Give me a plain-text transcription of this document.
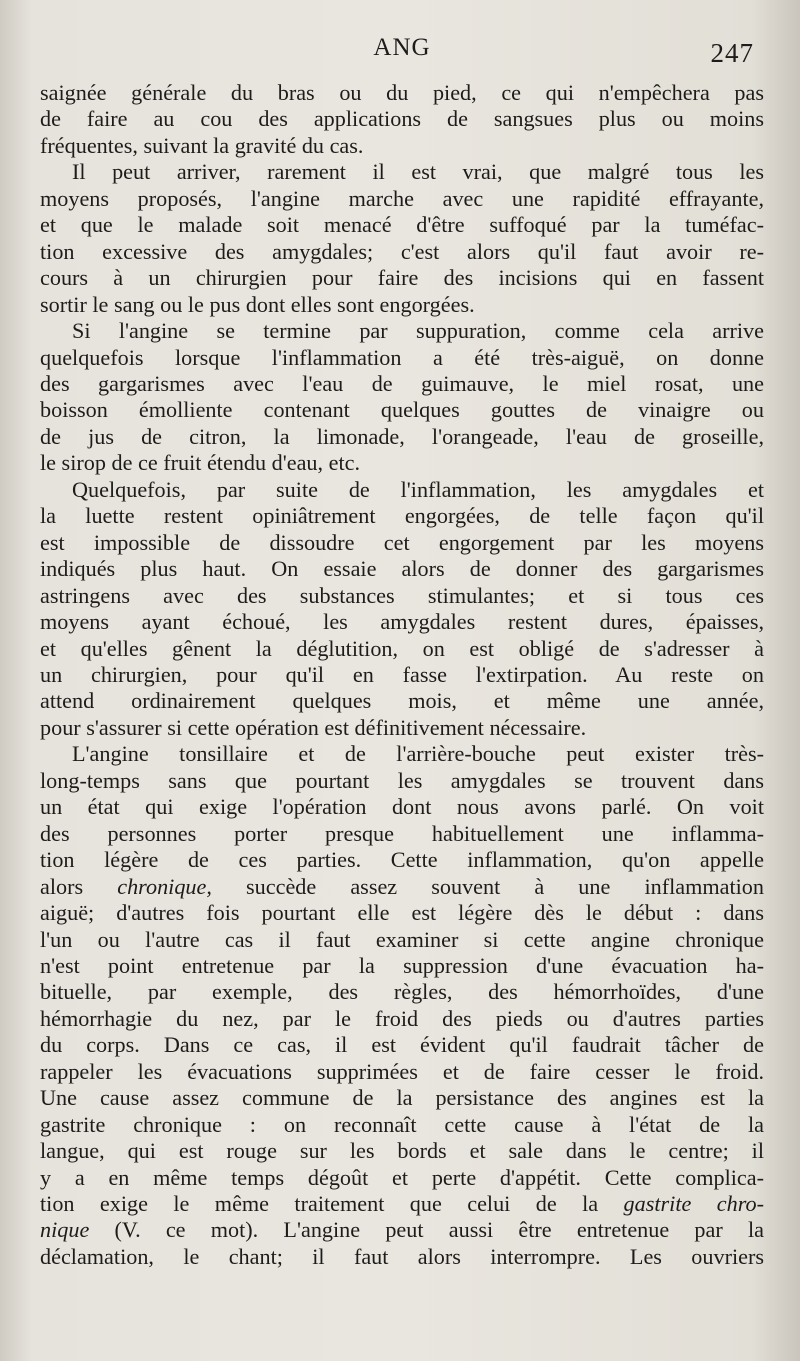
ANG	247

saignée générale du bras ou du pied, ce qui n'empêchera pas
de faire au cou des applications de sangsues plus ou moins
fréquentes, suivant la gravité du cas.

Il peut arriver, rarement il est vrai, que malgré tous les
moyens proposés, l'angine marche avec une rapidité effrayante,
et que le malade soit menacé d'être suffoqué par la tuméfac-
tion excessive des amygdales; c'est alors qu'il faut avoir re-
cours à un chirurgien pour faire des incisions qui en fassent
sortir le sang ou le pus dont elles sont engorgées.

Si l'angine se termine par suppuration, comme cela arrive
quelquefois lorsque l'inflammation a été très-aiguë, on donne
des gargarismes avec l'eau de guimauve, le miel rosat, une
boisson émolliente contenant quelques gouttes de vinaigre ou
de jus de citron, la limonade, l'orangeade, l'eau de groseille,
le sirop de ce fruit étendu d'eau, etc.

Quelquefois, par suite de l'inflammation, les amygdales et
la luette restent opiniâtrement engorgées, de telle façon qu'il
est impossible de dissoudre cet engorgement par les moyens
indiqués plus haut. On essaie alors de donner des gargarismes
astringens avec des substances stimulantes; et si tous ces
moyens ayant échoué, les amygdales restent dures, épaisses,
et qu'elles gênent la déglutition, on est obligé de s'adresser à
un chirurgien, pour qu'il en fasse l'extirpation. Au reste on
attend ordinairement quelques mois, et même une année,
pour s'assurer si cette opération est définitivement nécessaire.

L'angine tonsillaire et de l'arrière-bouche peut exister très-
long-temps sans que pourtant les amygdales se trouvent dans
un état qui exige l'opération dont nous avons parlé. On voit
des personnes porter presque habituellement une inflamma-
tion légère de ces parties. Cette inflammation, qu'on appelle
alors chronique, succède assez souvent à une inflammation
aiguë; d'autres fois pourtant elle est légère dès le début : dans
l'un ou l'autre cas il faut examiner si cette angine chronique
n'est point entretenue par la suppression d'une évacuation ha-
bituelle, par exemple, des règles, des hémorrhoïdes, d'une
hémorrhagie du nez, par le froid des pieds ou d'autres parties
du corps. Dans ce cas, il est évident qu'il faudrait tâcher de
rappeler les évacuations supprimées et de faire cesser le froid.
Une cause assez commune de la persistance des angines est la
gastrite chronique : on reconnaît cette cause à l'état de la
langue, qui est rouge sur les bords et sale dans le centre; il
y a en même temps dégoût et perte d'appétit. Cette complica-
tion exige le même traitement que celui de la gastrite chro-
nique (V. ce mot). L'angine peut aussi être entretenue par la
déclamation, le chant; il faut alors interrompre. Les ouvriers
